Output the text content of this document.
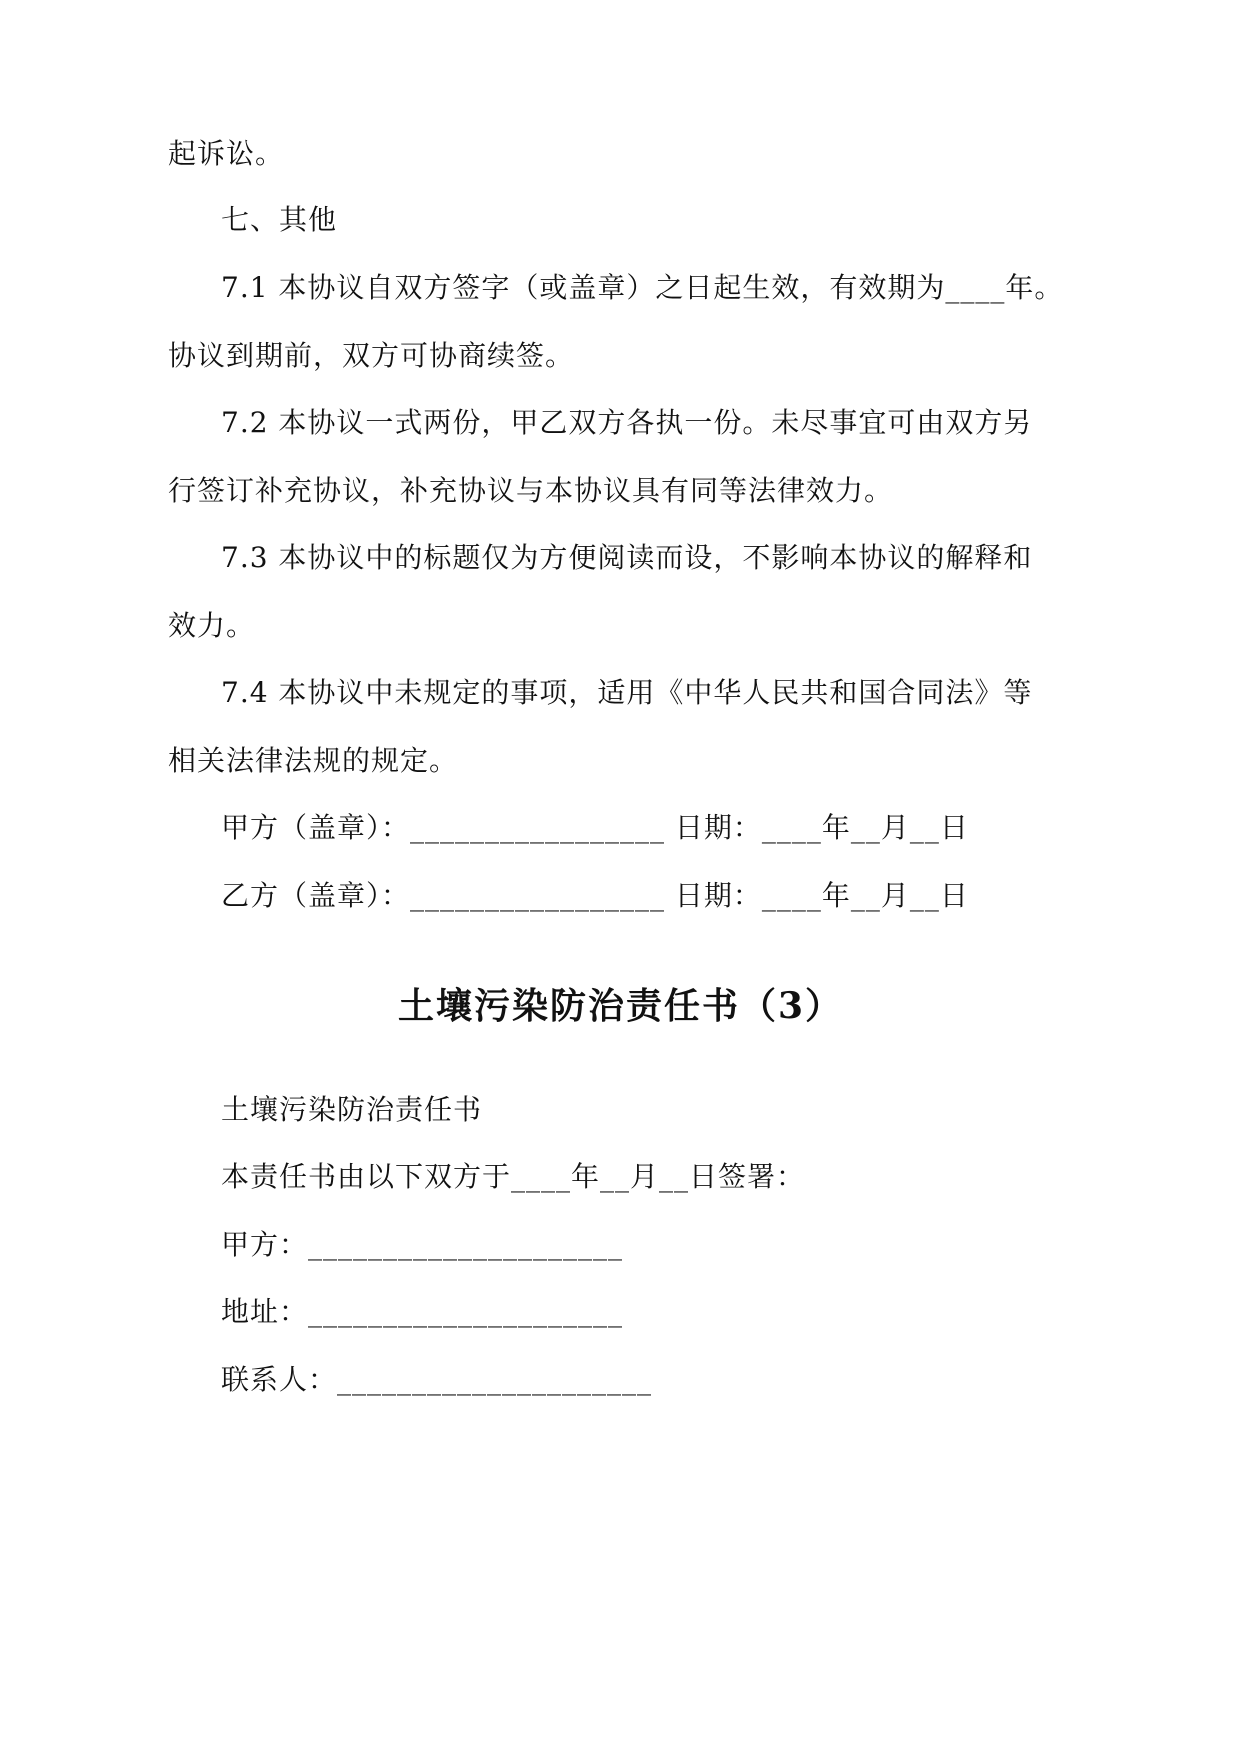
起诉讼。
七、其他
7.1 本协议自双方签字（或盖章）之日起生效，有效期为____年。
协议到期前，双方可协商续签。
7.2 本协议一式两份，甲乙双方各执一份。未尽事宜可由双方另
行签订补充协议，补充协议与本协议具有同等法律效力。
7.3 本协议中的标题仅为方便阅读而设，不影响本协议的解释和
效力。
7.4 本协议中未规定的事项，适用《中华人民共和国合同法》等
相关法律法规的规定。
甲方（盖章）：_________________ 日期：____年__月__日
乙方（盖章）：_________________ 日期：____年__月__日
土壤污染防治责任书（3）
土壤污染防治责任书
本责任书由以下双方于____年__月__日签署：
甲方：_____________________
地址：_____________________
联系人：_____________________
